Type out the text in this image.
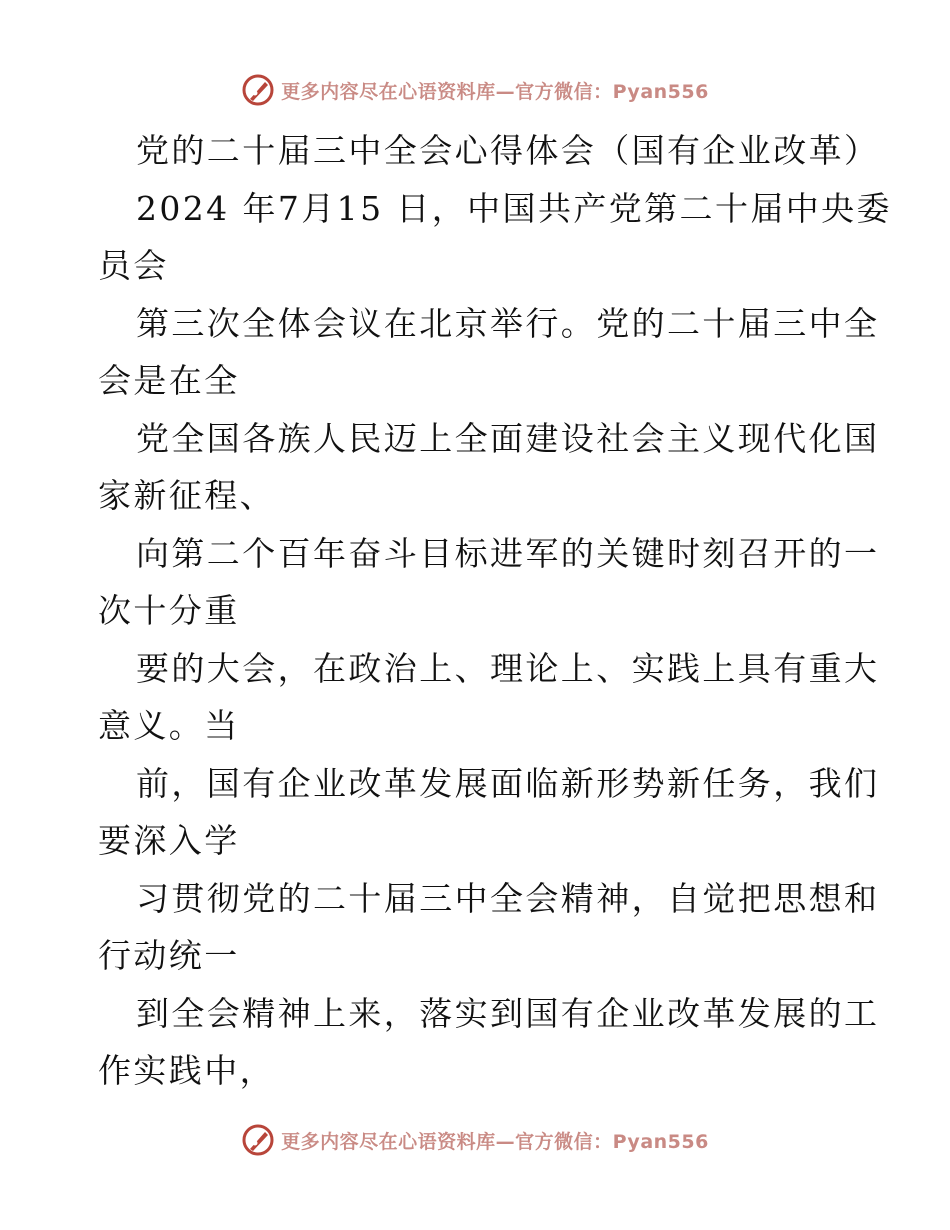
更多内容尽在心语资料库—官方微信：Pyan556
党的二十届三中全会心得体会（国有企业改革）
2024 年7月15 日，中国共产党第二十届中央委
员会
第三次全体会议在北京举行。党的二十届三中全
会是在全
党全国各族人民迈上全面建设社会主义现代化国
家新征程、
向第二个百年奋斗目标进军的关键时刻召开的一
次十分重
要的大会，在政治上、理论上、实践上具有重大
意义。当
前，国有企业改革发展面临新形势新任务，我们
要深入学
习贯彻党的二十届三中全会精神，自觉把思想和
行动统一
到全会精神上来，落实到国有企业改革发展的工
作实践中，
更多内容尽在心语资料库—官方微信：Pyan556
